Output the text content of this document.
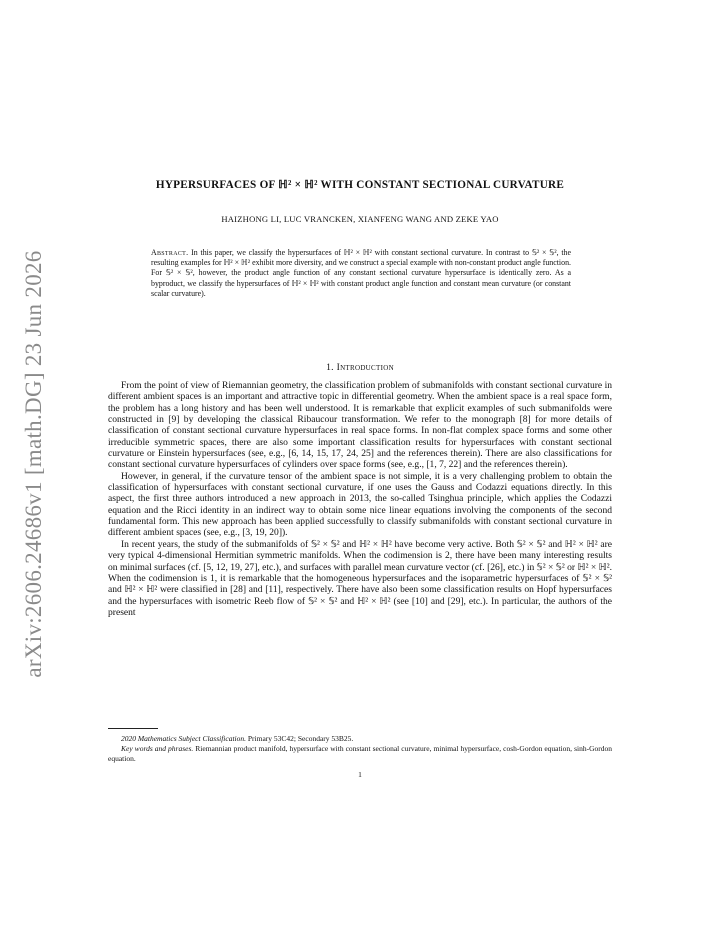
arXiv:2606.24686v1 [math.DG] 23 Jun 2026
HYPERSURFACES OF ℍ² × ℍ² WITH CONSTANT SECTIONAL CURVATURE
HAIZHONG LI, LUC VRANCKEN, XIANFENG WANG AND ZEKE YAO
Abstract. In this paper, we classify the hypersurfaces of ℍ² × ℍ² with constant sectional curvature. In contrast to 𝕊² × 𝕊², the resulting examples for ℍ² × ℍ² exhibit more diversity, and we construct a special example with non-constant product angle function. For 𝕊² × 𝕊², however, the product angle function of any constant sectional curvature hypersurface is identically zero. As a byproduct, we classify the hypersurfaces of ℍ² × ℍ² with constant product angle function and constant mean curvature (or constant scalar curvature).
1. Introduction

From the point of view of Riemannian geometry, the classification problem of submanifolds with constant sectional curvature in different ambient spaces is an important and attractive topic in differential geometry. When the ambient space is a real space form, the problem has a long history and has been well understood. It is remarkable that explicit examples of such submanifolds were constructed in [9] by developing the classical Ribaucour transformation. We refer to the monograph [8] for more details of classification of constant sectional curvature hypersurfaces in real space forms. In non-flat complex space forms and some other irreducible symmetric spaces, there are also some important classification results for hypersurfaces with constant sectional curvature or Einstein hypersurfaces (see, e.g., [6, 14, 15, 17, 24, 25] and the references therein). There are also classifications for constant sectional curvature hypersurfaces of cylinders over space forms (see, e.g., [1, 7, 22] and the references therein).

However, in general, if the curvature tensor of the ambient space is not simple, it is a very challenging problem to obtain the classification of hypersurfaces with constant sectional curvature, if one uses the Gauss and Codazzi equations directly. In this aspect, the first three authors introduced a new approach in 2013, the so-called Tsinghua principle, which applies the Codazzi equation and the Ricci identity in an indirect way to obtain some nice linear equations involving the components of the second fundamental form. This new approach has been applied successfully to classify submanifolds with constant sectional curvature in different ambient spaces (see, e.g., [3, 19, 20]).

In recent years, the study of the submanifolds of 𝕊² × 𝕊² and ℍ² × ℍ² have become very active. Both 𝕊² × 𝕊² and ℍ² × ℍ² are very typical 4-dimensional Hermitian symmetric manifolds. When the codimension is 2, there have been many interesting results on minimal surfaces (cf. [5, 12, 19, 27], etc.), and surfaces with parallel mean curvature vector (cf. [26], etc.) in 𝕊² × 𝕊² or ℍ² × ℍ². When the codimension is 1, it is remarkable that the homogeneous hypersurfaces and the isoparametric hypersurfaces of 𝕊² × 𝕊² and ℍ² × ℍ² were classified in [28] and [11], respectively. There have also been some classification results on Hopf hypersurfaces and the hypersurfaces with isometric Reeb flow of 𝕊² × 𝕊² and ℍ² × ℍ² (see [10] and [29], etc.). In particular, the authors of the present

2020 Mathematics Subject Classification. Primary 53C42; Secondary 53B25.

Key words and phrases. Riemannian product manifold, hypersurface with constant sectional curvature, minimal hypersurface, cosh-Gordon equation, sinh-Gordon equation.

1
